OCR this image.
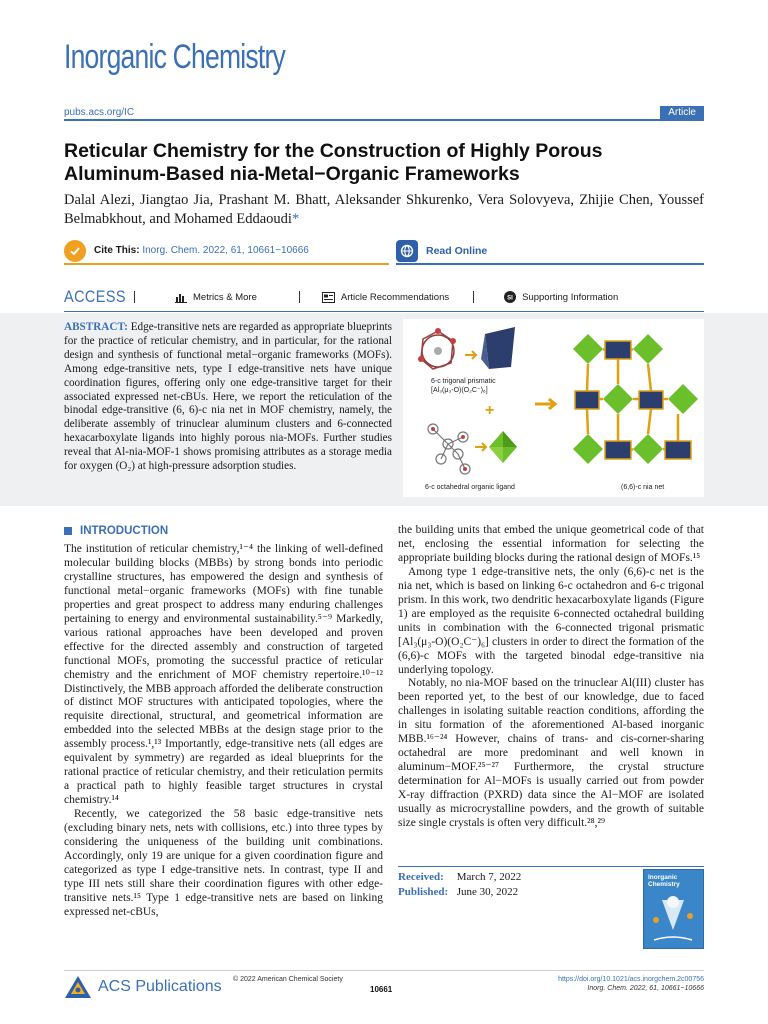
Inorganic Chemistry
pubs.acs.org/IC	Article
Reticular Chemistry for the Construction of Highly Porous Aluminum-Based nia-Metal−Organic Frameworks
Dalal Alezi, Jiangtao Jia, Prashant M. Bhatt, Aleksander Shkurenko, Vera Solovyeva, Zhijie Chen, Youssef Belmabkhout, and Mohamed Eddaoudi*
Cite This: Inorg. Chem. 2022, 61, 10661−10666	Read Online
ACCESS	Metrics & More	Article Recommendations	SI Supporting Information
ABSTRACT: Edge-transitive nets are regarded as appropriate blueprints for the practice of reticular chemistry, and in particular, for the rational design and synthesis of functional metal−organic frameworks (MOFs). Among edge-transitive nets, type I edge-transitive nets have unique coordination figures, offering only one edge-transitive target for their associated expressed net-cBUs. Here, we report the reticulation of the binodal edge-transitive (6, 6)-c nia net in MOF chemistry, namely, the deliberate assembly of trinuclear aluminum clusters and 6-connected hexacarboxylate ligands into highly porous nia-MOFs. Further studies reveal that Al-nia-MOF-1 shows promising attributes as a storage media for oxygen (O₂) at high-pressure adsorption studies.
6-c trigonal prismatic
[Al₃(μ₃-O)(O₂C⁻)₆]
+
6-c octahedral organic ligand	(6,6)-c nia net
INTRODUCTION

The institution of reticular chemistry,¹⁻⁴ the linking of well-defined molecular building blocks (MBBs) by strong bonds into periodic crystalline structures, has empowered the design and synthesis of functional metal−organic frameworks (MOFs) with fine tunable properties and great prospect to address many enduring challenges pertaining to energy and environmental sustainability.⁵⁻⁹ Markedly, various rational approaches have been developed and proven effective for the directed assembly and construction of targeted functional MOFs, promoting the successful practice of reticular chemistry and the enrichment of MOF chemistry repertoire.¹⁰⁻¹² Distinctively, the MBB approach afforded the deliberate construction of distinct MOF structures with anticipated topologies, where the requisite directional, structural, and geometrical information are embedded into the selected MBBs at the design stage prior to the assembly process.¹,¹³ Importantly, edge-transitive nets (all edges are equivalent by symmetry) are regarded as ideal blueprints for the rational practice of reticular chemistry, and their reticulation permits a practical path to highly feasible target structures in crystal chemistry.¹⁴

Recently, we categorized the 58 basic edge-transitive nets (excluding binary nets, nets with collisions, etc.) into three types by considering the uniqueness of the building unit combinations. Accordingly, only 19 are unique for a given coordination figure and categorized as type I edge-transitive nets. In contrast, type II and type III nets still share their coordination figures with other edge-transitive nets.¹⁵ Type 1 edge-transitive nets are based on linking expressed net-cBUs,

the building units that embed the unique geometrical code of that net, enclosing the essential information for selecting the appropriate building blocks during the rational design of MOFs.¹⁵

Among type 1 edge-transitive nets, the only (6,6)-c net is the nia net, which is based on linking 6-c octahedron and 6-c trigonal prism. In this work, two dendritic hexacarboxylate ligands (Figure 1) are employed as the requisite 6-connected octahedral building units in combination with the 6-connected trigonal prismatic [Al₃(μ₃-O)(O₂C⁻)₆] clusters in order to direct the formation of the (6,6)-c MOFs with the targeted binodal edge-transitive nia underlying topology.

Notably, no nia-MOF based on the trinuclear Al(III) cluster has been reported yet, to the best of our knowledge, due to faced challenges in isolating suitable reaction conditions, affording the in situ formation of the aforementioned Al-based inorganic MBB.¹⁶⁻²⁴ However, chains of trans- and cis-corner-sharing octahedral are more predominant and well known in aluminum−MOF.²⁵⁻²⁷ Furthermore, the crystal structure determination for Al−MOFs is usually carried out from powder X-ray diffraction (PXRD) data since the Al−MOF are isolated usually as microcrystalline powders, and the growth of suitable size single crystals is often very difficult.²⁸,²⁹

Received: March 7, 2022
Published: June 30, 2022
Inorganic Chemistry
ACS Publications © 2022 American Chemical Society
10661
https://doi.org/10.1021/acs.inorgchem.2c00756
Inorg. Chem. 2022, 61, 10661−10666
